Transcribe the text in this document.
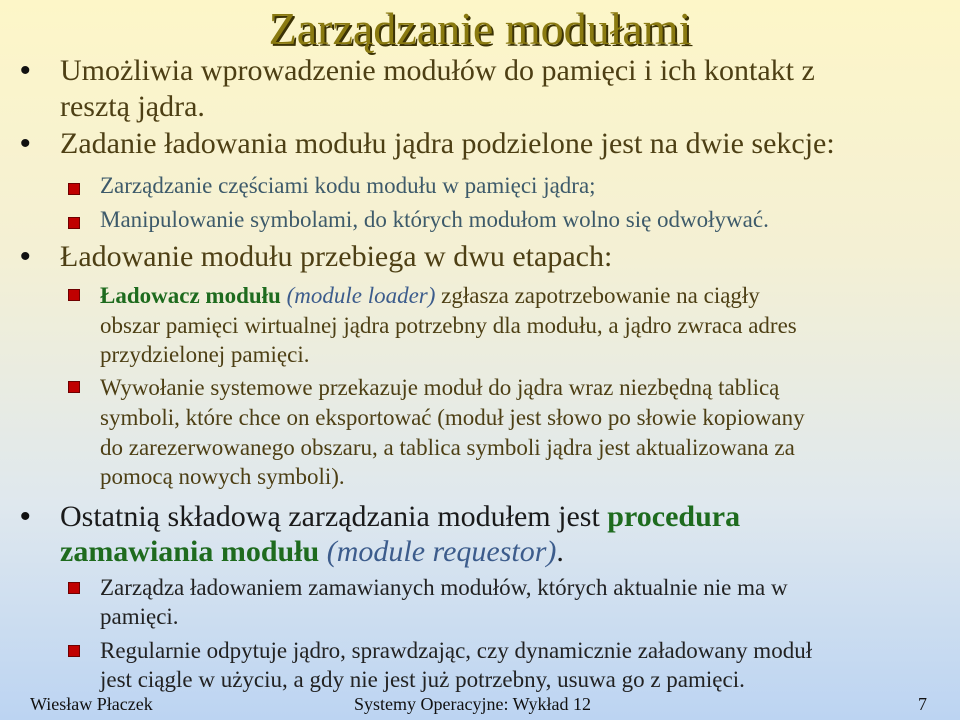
Zarządzanie modułami
• Umożliwia wprowadzenie modułów do pamięci i ich kontakt z
resztą jądra.
• Zadanie ładowania modułu jądra podzielone jest na dwie sekcje:
Zarządzanie częściami kodu modułu w pamięci jądra;
Manipulowanie symbolami, do których modułom wolno się odwoływać.
• Ładowanie modułu przebiega w dwu etapach:
Ładowacz modułu (module loader) zgłasza zapotrzebowanie na ciągły
obszar pamięci wirtualnej jądra potrzebny dla modułu, a jądro zwraca adres
przydzielonej pamięci.
Wywołanie systemowe przekazuje moduł do jądra wraz niezbędną tablicą
symboli, które chce on eksportować (moduł jest słowo po słowie kopiowany
do zarezerwowanego obszaru, a tablica symboli jądra jest aktualizowana za
pomocą nowych symboli).
• Ostatnią składową zarządzania modułem jest procedura
zamawiania modułu (module requestor).
Zarządza ładowaniem zamawianych modułów, których aktualnie nie ma w
pamięci.
Regularnie odpytuje jądro, sprawdzając, czy dynamicznie załadowany moduł
jest ciągle w użyciu, a gdy nie jest już potrzebny, usuwa go z pamięci.
Wiesław Płaczek	Systemy Operacyjne: Wykład 12	7
